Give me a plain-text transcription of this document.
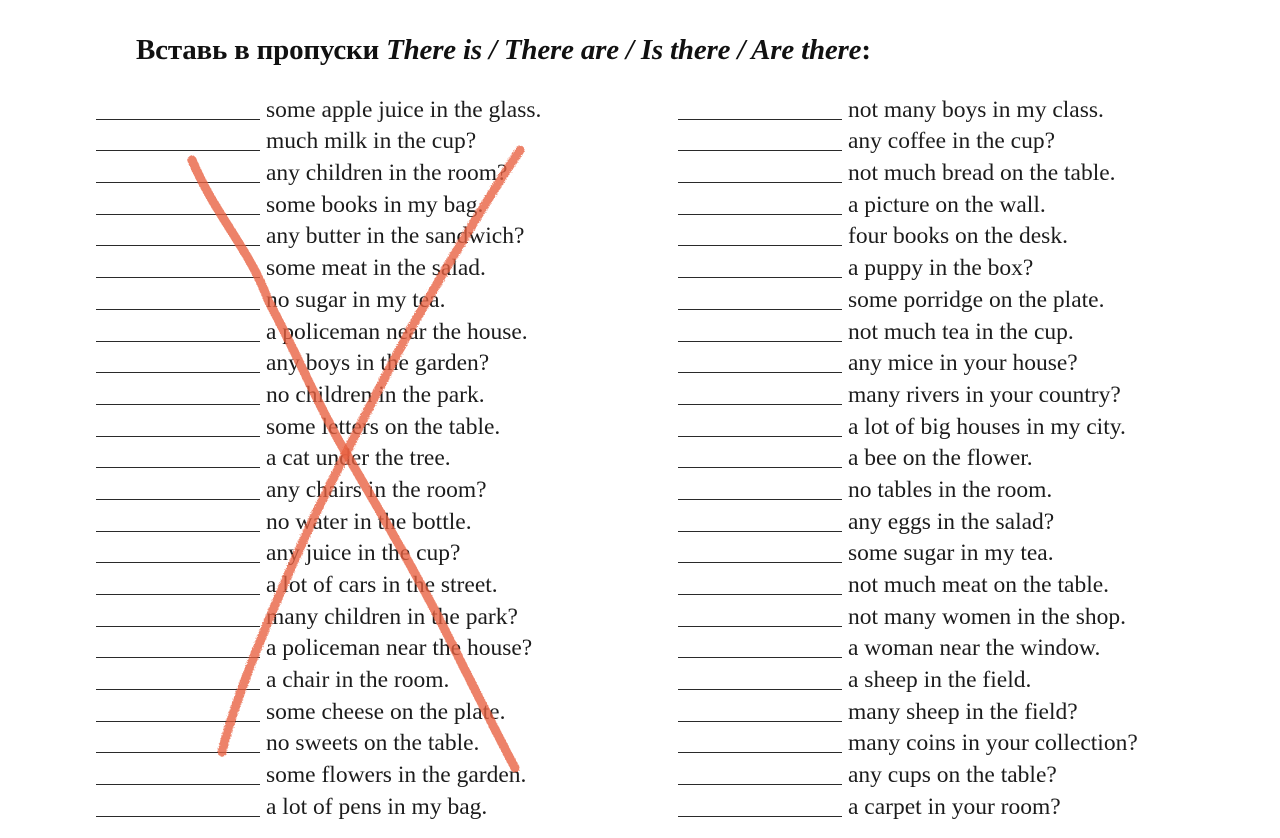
Вставь в пропуски There is / There are / Is there / Are there:
some apple juice in the glass.
much milk in the cup?
any children in the room?
some books in my bag.
any butter in the sandwich?
some meat in the salad.
no sugar in my tea.
a policeman near the house.
any boys in the garden?
no children in the park.
some letters on the table.
a cat under the tree.
any chairs in the room?
no water in the bottle.
any juice in the cup?
a lot of cars in the street.
many children in the park?
a policeman near the house?
a chair in the room.
some cheese on the plate.
no sweets on the table.
some flowers in the garden.
a lot of pens in my bag.
not many boys in my class.
any coffee in the cup?
not much bread on the table.
a picture on the wall.
four books on the desk.
a puppy in the box?
some porridge on the plate.
not much tea in the cup.
any mice in your house?
many rivers in your country?
a lot of big houses in my city.
a bee on the flower.
no tables in the room.
any eggs in the salad?
some sugar in my tea.
not much meat on the table.
not many women in the shop.
a woman near the window.
a sheep in the field.
many sheep in the field?
many coins in your collection?
any cups on the table?
a carpet in your room?
